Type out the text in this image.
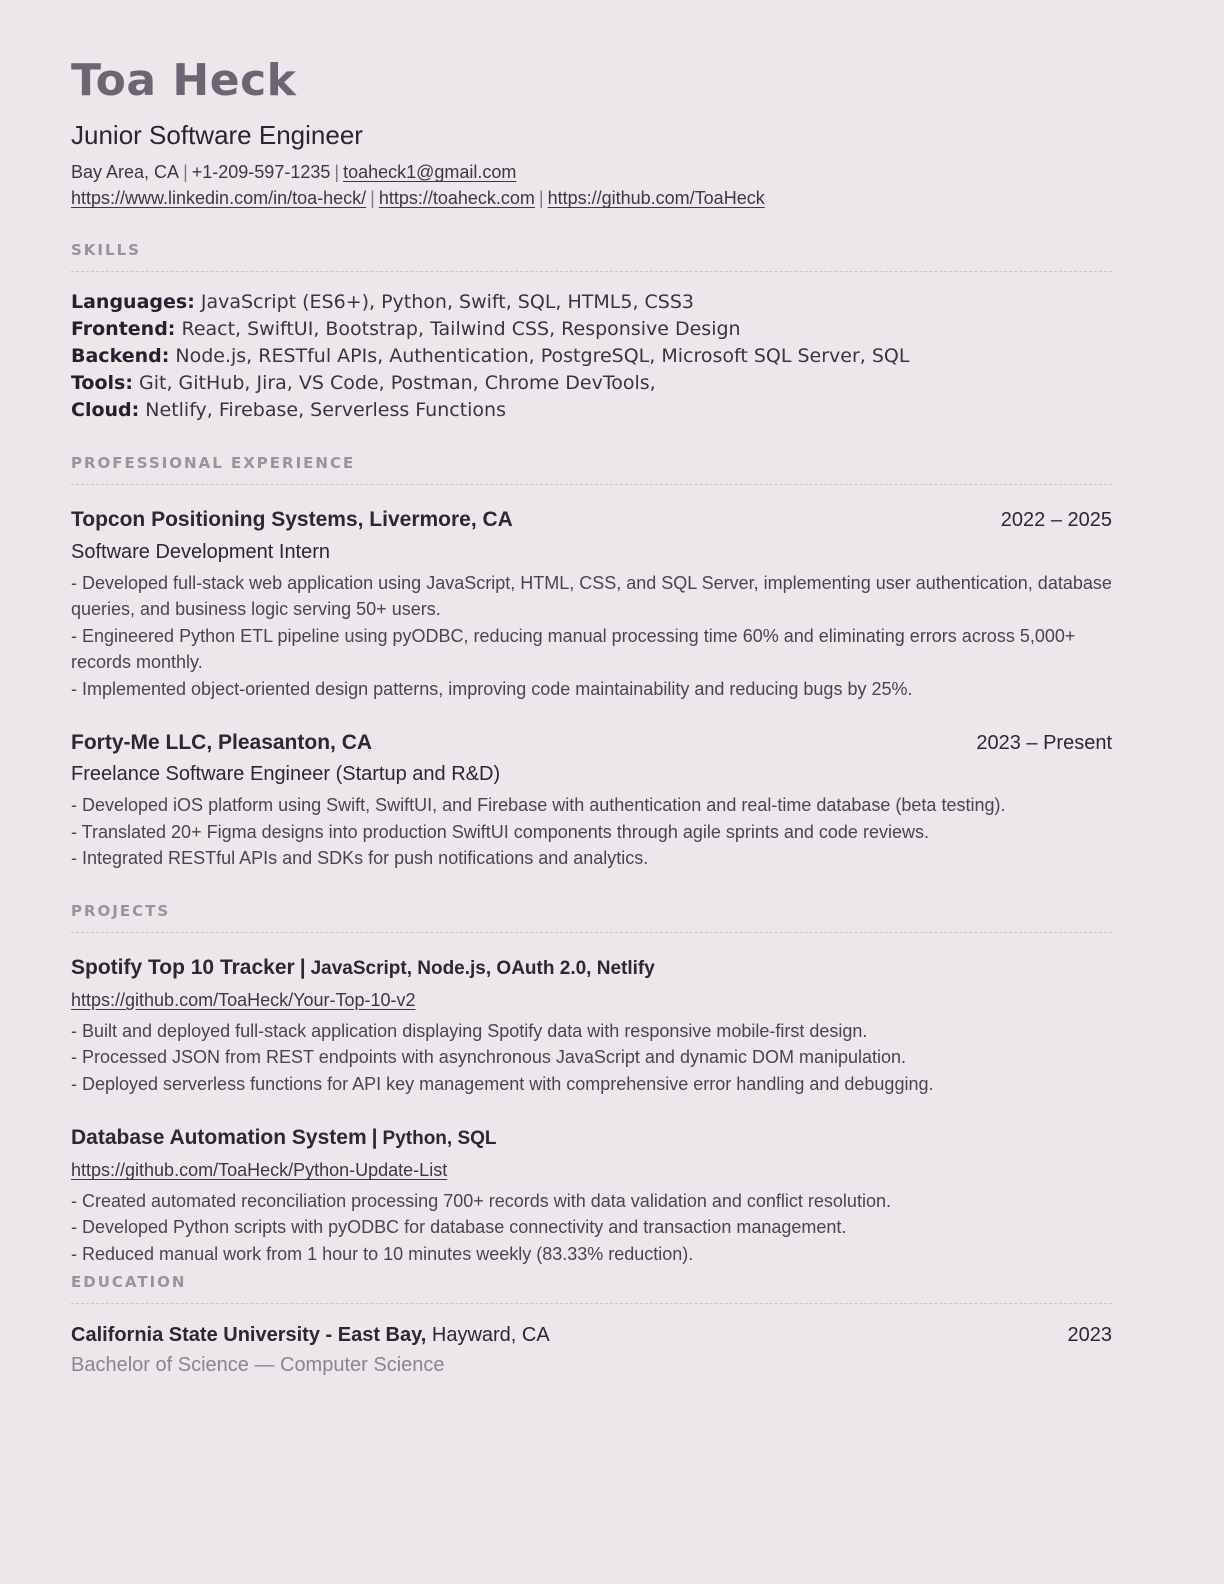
Toa Heck
Junior Software Engineer
Bay Area, CA | +1-209-597-1235 | toaheck1@gmail.com
https://www.linkedin.com/in/toa-heck/ | https://toaheck.com | https://github.com/ToaHeck
SKILLS
Languages: JavaScript (ES6+), Python, Swift, SQL, HTML5, CSS3
Frontend: React, SwiftUI, Bootstrap, Tailwind CSS, Responsive Design
Backend: Node.js, RESTful APIs, Authentication, PostgreSQL, Microsoft SQL Server, SQL
Tools: Git, GitHub, Jira, VS Code, Postman, Chrome DevTools,
Cloud: Netlify, Firebase, Serverless Functions
PROFESSIONAL EXPERIENCE
Topcon Positioning Systems, Livermore, CA	2022 – 2025
Software Development Intern
- Developed full-stack web application using JavaScript, HTML, CSS, and SQL Server, implementing user authentication, database queries, and business logic serving 50+ users.
- Engineered Python ETL pipeline using pyODBC, reducing manual processing time 60% and eliminating errors across 5,000+ records monthly.
- Implemented object-oriented design patterns, improving code maintainability and reducing bugs by 25%.
Forty-Me LLC, Pleasanton, CA	2023 – Present
Freelance Software Engineer (Startup and R&D)
- Developed iOS platform using Swift, SwiftUI, and Firebase with authentication and real-time database (beta testing).
- Translated 20+ Figma designs into production SwiftUI components through agile sprints and code reviews.
- Integrated RESTful APIs and SDKs for push notifications and analytics.
PROJECTS
Spotify Top 10 Tracker | JavaScript, Node.js, OAuth 2.0, Netlify
https://github.com/ToaHeck/Your-Top-10-v2
- Built and deployed full-stack application displaying Spotify data with responsive mobile-first design.
- Processed JSON from REST endpoints with asynchronous JavaScript and dynamic DOM manipulation.
- Deployed serverless functions for API key management with comprehensive error handling and debugging.
Database Automation System | Python, SQL
https://github.com/ToaHeck/Python-Update-List
- Created automated reconciliation processing 700+ records with data validation and conflict resolution.
- Developed Python scripts with pyODBC for database connectivity and transaction management.
- Reduced manual work from 1 hour to 10 minutes weekly (83.33% reduction).
EDUCATION
California State University - East Bay, Hayward, CA	2023
Bachelor of Science — Computer Science
